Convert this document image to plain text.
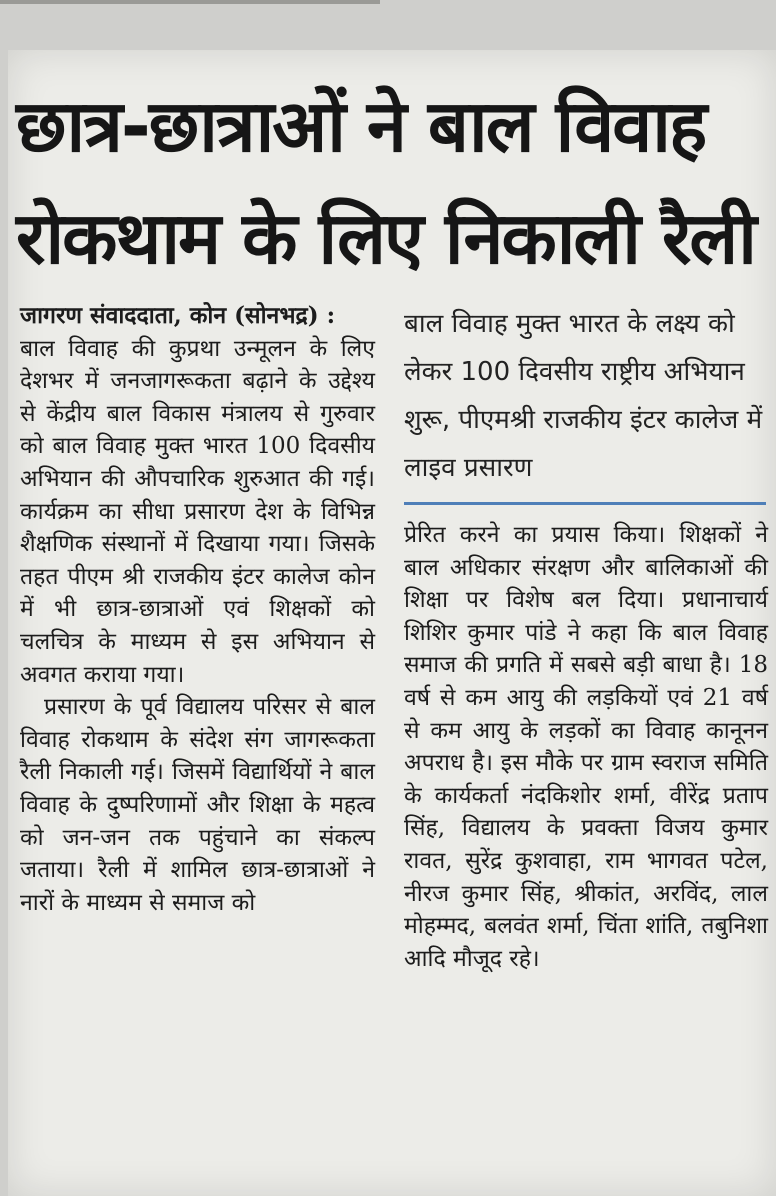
छात्र-छात्राओं ने बाल विवाह रोकथाम के लिए निकाली रैली

जागरण संवाददाता, कोन (सोनभद्र) :

बाल विवाह की कुप्रथा उन्मूलन के लिए देशभर में जनजागरूकता बढ़ाने के उद्देश्य से केंद्रीय बाल विकास मंत्रालय से गुरुवार को बाल विवाह मुक्त भारत 100 दिवसीय अभियान की औपचारिक शुरुआत की गई। कार्यक्रम का सीधा प्रसारण देश के विभिन्न शैक्षणिक संस्थानों में दिखाया गया। जिसके तहत पीएम श्री राजकीय इंटर कालेज कोन में भी छात्र-छात्राओं एवं शिक्षकों को चलचित्र के माध्यम से इस अभियान से अवगत कराया गया।

प्रसारण के पूर्व विद्यालय परिसर से बाल विवाह रोकथाम के संदेश संग जागरूकता रैली निकाली गई। जिसमें विद्यार्थियों ने बाल विवाह के दुष्परिणामों और शिक्षा के महत्व को जन-जन तक पहुंचाने का संकल्प जताया। रैली में शामिल छात्र-छात्राओं ने नारों के माध्यम से समाज को

बाल विवाह मुक्त भारत के लक्ष्य को लेकर 100 दिवसीय राष्ट्रीय अभियान शुरू, पीएमश्री राजकीय इंटर कालेज में लाइव प्रसारण

प्रेरित करने का प्रयास किया। शिक्षकों ने बाल अधिकार संरक्षण और बालिकाओं की शिक्षा पर विशेष बल दिया। प्रधानाचार्य शिशिर कुमार पांडे ने कहा कि बाल विवाह समाज की प्रगति में सबसे बड़ी बाधा है। 18 वर्ष से कम आयु की लड़कियों एवं 21 वर्ष से कम आयु के लड़कों का विवाह कानूनन अपराध है। इस मौके पर ग्राम स्वराज समिति के कार्यकर्ता नंदकिशोर शर्मा, वीरेंद्र प्रताप सिंह, विद्यालय के प्रवक्ता विजय कुमार रावत, सुरेंद्र कुशवाहा, राम भागवत पटेल, नीरज कुमार सिंह, श्रीकांत, अरविंद, लाल मोहम्मद, बलवंत शर्मा, चिंता शांति, तबुनिशा आदि मौजूद रहे।
